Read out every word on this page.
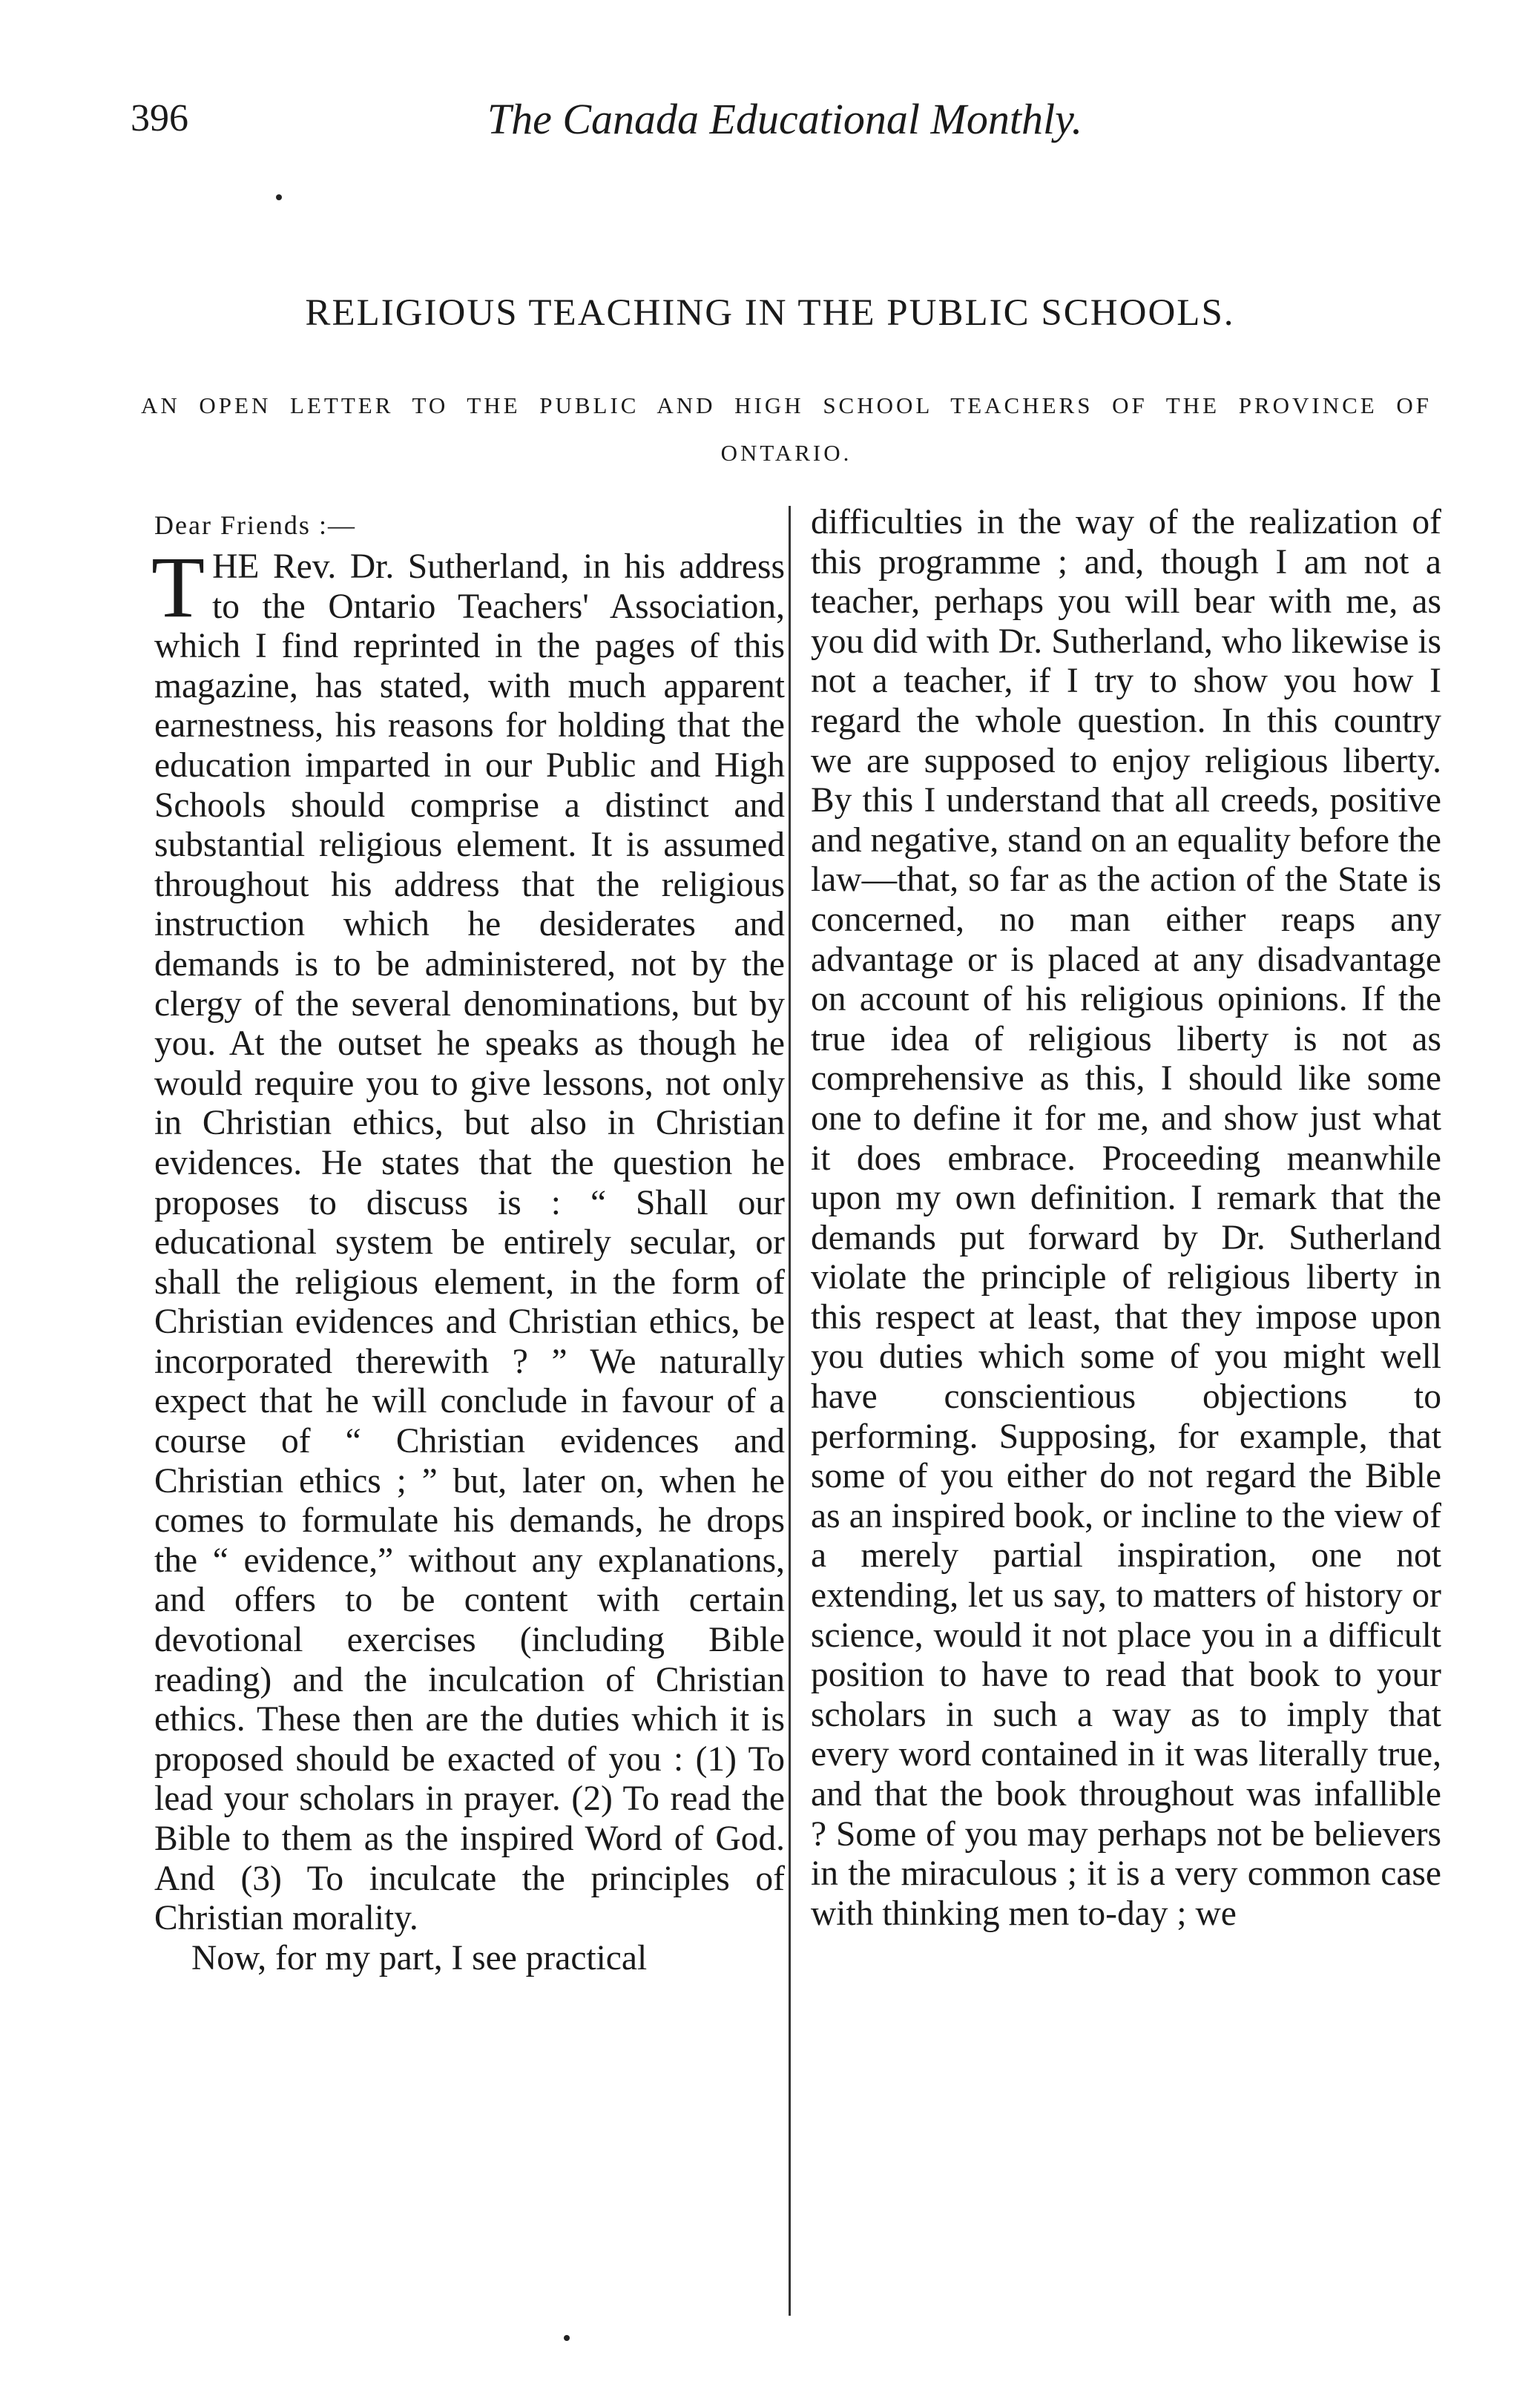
396	The Canada Educational Monthly.
RELIGIOUS TEACHING IN THE PUBLIC SCHOOLS.
AN OPEN LETTER TO THE PUBLIC AND HIGH SCHOOL TEACHERS OF THE PROVINCE OF ONTARIO.

Dear Friends :—

THE Rev. Dr. Sutherland, in his address to the Ontario Teachers' Association, which I find reprinted in the pages of this magazine, has stated, with much apparent earnestness, his reasons for holding that the education imparted in our Public and High Schools should comprise a distinct and substantial religious element. It is assumed throughout his address that the religious instruction which he desiderates and demands is to be administered, not by the clergy of the several denominations, but by you. At the outset he speaks as though he would require you to give lessons, not only in Christian ethics, but also in Christian evidences. He states that the question he proposes to discuss is : “ Shall our educational system be entirely secular, or shall the religious element, in the form of Christian evidences and Christian ethics, be incorporated therewith ? ” We naturally expect that he will conclude in favour of a course of “ Christian evidences and Christian ethics ; ” but, later on, when he comes to formulate his demands, he drops the “ evidence,” without any explanations, and offers to be content with certain devotional exercises (including Bible reading) and the inculcation of Christian ethics. These then are the duties which it is proposed should be exacted of you : (1) To lead your scholars in prayer. (2) To read the Bible to them as the inspired Word of God. And (3) To inculcate the principles of Christian morality.

Now, for my part, I see practical

difficulties in the way of the realization of this programme ; and, though I am not a teacher, perhaps you will bear with me, as you did with Dr. Sutherland, who likewise is not a teacher, if I try to show you how I regard the whole question. In this country we are supposed to enjoy religious liberty. By this I understand that all creeds, positive and negative, stand on an equality before the law—that, so far as the action of the State is concerned, no man either reaps any advantage or is placed at any disadvantage on account of his religious opinions. If the true idea of religious liberty is not as comprehensive as this, I should like some one to define it for me, and show just what it does embrace. Proceeding meanwhile upon my own definition. I remark that the demands put forward by Dr. Sutherland violate the principle of religious liberty in this respect at least, that they impose upon you duties which some of you might well have conscientious objections to performing. Supposing, for example, that some of you either do not regard the Bible as an inspired book, or incline to the view of a merely partial inspiration, one not extending, let us say, to matters of history or science, would it not place you in a difficult position to have to read that book to your scholars in such a way as to imply that every word contained in it was literally true, and that the book throughout was infallible ? Some of you may perhaps not be believers in the miraculous ; it is a very common case with thinking men to-day ; we
